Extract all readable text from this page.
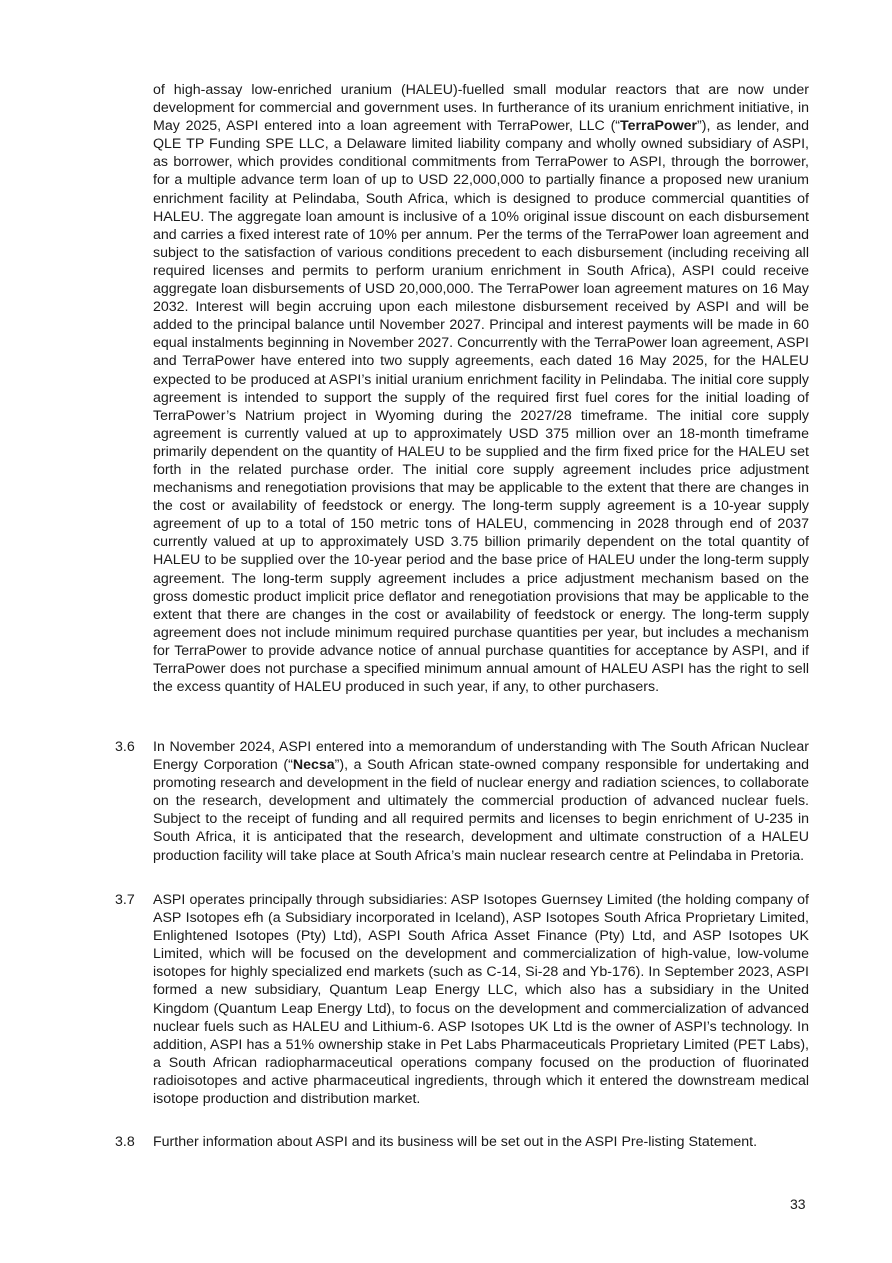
of high-assay low-enriched uranium (HALEU)-fuelled small modular reactors that are now under development for commercial and government uses. In furtherance of its uranium enrichment initiative, in May 2025, ASPI entered into a loan agreement with TerraPower, LLC (“TerraPower”), as lender, and QLE TP Funding SPE LLC, a Delaware limited liability company and wholly owned subsidiary of ASPI, as borrower, which provides conditional commitments from TerraPower to ASPI, through the borrower, for a multiple advance term loan of up to USD 22,000,000 to partially finance a proposed new uranium enrichment facility at Pelindaba, South Africa, which is designed to produce commercial quantities of HALEU. The aggregate loan amount is inclusive of a 10% original issue discount on each disbursement and carries a fixed interest rate of 10% per annum. Per the terms of the TerraPower loan agreement and subject to the satisfaction of various conditions precedent to each disbursement (including receiving all required licenses and permits to perform uranium enrichment in South Africa), ASPI could receive aggregate loan disbursements of USD 20,000,000. The TerraPower loan agreement matures on 16 May 2032. Interest will begin accruing upon each milestone disbursement received by ASPI and will be added to the principal balance until November 2027. Principal and interest payments will be made in 60 equal instalments beginning in November 2027. Concurrently with the TerraPower loan agreement, ASPI and TerraPower have entered into two supply agreements, each dated 16 May 2025, for the HALEU expected to be produced at ASPI’s initial uranium enrichment facility in Pelindaba. The initial core supply agreement is intended to support the supply of the required first fuel cores for the initial loading of TerraPower’s Natrium project in Wyoming during the 2027/28 timeframe. The initial core supply agreement is currently valued at up to approximately USD 375 million over an 18-month timeframe primarily dependent on the quantity of HALEU to be supplied and the firm fixed price for the HALEU set forth in the related purchase order. The initial core supply agreement includes price adjustment mechanisms and renegotiation provisions that may be applicable to the extent that there are changes in the cost or availability of feedstock or energy. The long-term supply agreement is a 10-year supply agreement of up to a total of 150 metric tons of HALEU, commencing in 2028 through end of 2037 currently valued at up to approximately USD 3.75 billion primarily dependent on the total quantity of HALEU to be supplied over the 10-year period and the base price of HALEU under the long-term supply agreement. The long-term supply agreement includes a price adjustment mechanism based on the gross domestic product implicit price deflator and renegotiation provisions that may be applicable to the extent that there are changes in the cost or availability of feedstock or energy. The long-term supply agreement does not include minimum required purchase quantities per year, but includes a mechanism for TerraPower to provide advance notice of annual purchase quantities for acceptance by ASPI, and if TerraPower does not purchase a specified minimum annual amount of HALEU ASPI has the right to sell the excess quantity of HALEU produced in such year, if any, to other purchasers.

3.6 In November 2024, ASPI entered into a memorandum of understanding with The South African Nuclear Energy Corporation (“Necsa”), a South African state-owned company responsible for undertaking and promoting research and development in the field of nuclear energy and radiation sciences, to collaborate on the research, development and ultimately the commercial production of advanced nuclear fuels. Subject to the receipt of funding and all required permits and licenses to begin enrichment of U-235 in South Africa, it is anticipated that the research, development and ultimate construction of a HALEU production facility will take place at South Africa’s main nuclear research centre at Pelindaba in Pretoria.

3.7 ASPI operates principally through subsidiaries: ASP Isotopes Guernsey Limited (the holding company of ASP Isotopes efh (a Subsidiary incorporated in Iceland), ASP Isotopes South Africa Proprietary Limited, Enlightened Isotopes (Pty) Ltd), ASPI South Africa Asset Finance (Pty) Ltd, and ASP Isotopes UK Limited, which will be focused on the development and commercialization of high-value, low-volume isotopes for highly specialized end markets (such as C-14, Si-28 and Yb-176). In September 2023, ASPI formed a new subsidiary, Quantum Leap Energy LLC, which also has a subsidiary in the United Kingdom (Quantum Leap Energy Ltd), to focus on the development and commercialization of advanced nuclear fuels such as HALEU and Lithium-6. ASP Isotopes UK Ltd is the owner of ASPI’s technology. In addition, ASPI has a 51% ownership stake in Pet Labs Pharmaceuticals Proprietary Limited (PET Labs), a South African radiopharmaceutical operations company focused on the production of fluorinated radioisotopes and active pharmaceutical ingredients, through which it entered the downstream medical isotope production and distribution market.

3.8 Further information about ASPI and its business will be set out in the ASPI Pre-listing Statement.

33
